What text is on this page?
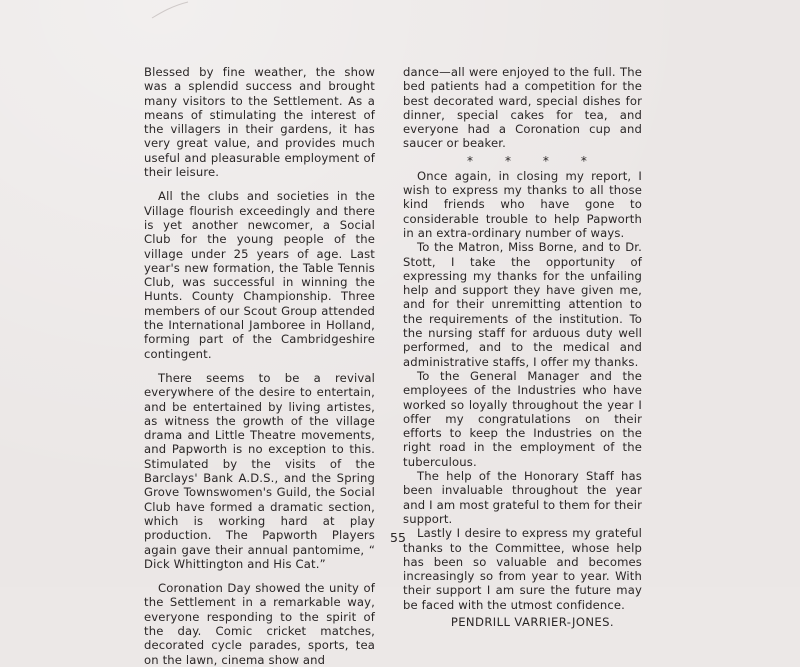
Blessed by fine weather, the show was a splendid success and brought many visitors to the Settlement. As a means of stimulating the interest of the villagers in their gardens, it has very great value, and provides much useful and pleasurable employment of their leisure.

All the clubs and societies in the Village flourish exceedingly and there is yet another newcomer, a Social Club for the young people of the village under 25 years of age. Last year's new formation, the Table Tennis Club, was successful in winning the Hunts. County Championship. Three members of our Scout Group attended the International Jamboree in Holland, forming part of the Cambridgeshire contingent.

There seems to be a revival everywhere of the desire to entertain, and be entertained by living artistes, as witness the growth of the village drama and Little Theatre movements, and Papworth is no exception to this. Stimulated by the visits of the Barclays' Bank A.D.S., and the Spring Grove Townswomen's Guild, the Social Club have formed a dramatic section, which is working hard at play production. The Papworth Players again gave their annual pantomime, “ Dick Whittington and His Cat.”

Coronation Day showed the unity of the Settlement in a remarkable way, everyone responding to the spirit of the day. Comic cricket matches, decorated cycle parades, sports, tea on the lawn, cinema show and

dance—all were enjoyed to the full. The bed patients had a competition for the best decorated ward, special dishes for dinner, special cakes for tea, and everyone had a Coronation cup and saucer or beaker.

*	*	*	*

Once again, in closing my report, I wish to express my thanks to all those kind friends who have gone to considerable trouble to help Papworth in an extra-ordinary number of ways.

To the Matron, Miss Borne, and to Dr. Stott, I take the opportunity of expressing my thanks for the unfailing help and support they have given me, and for their unremitting attention to the requirements of the institution. To the nursing staff for arduous duty well performed, and to the medical and administrative staffs, I offer my thanks.

To the General Manager and the employees of the Industries who have worked so loyally throughout the year I offer my congratulations on their efforts to keep the Industries on the right road in the employment of the tuberculous.

The help of the Honorary Staff has been invaluable throughout the year and I am most grateful to them for their support.

Lastly I desire to express my grateful thanks to the Committee, whose help has been so valuable and becomes increasingly so from year to year. With their support I am sure the future may be faced with the utmost confidence.

PENDRILL VARRIER-JONES.
55
